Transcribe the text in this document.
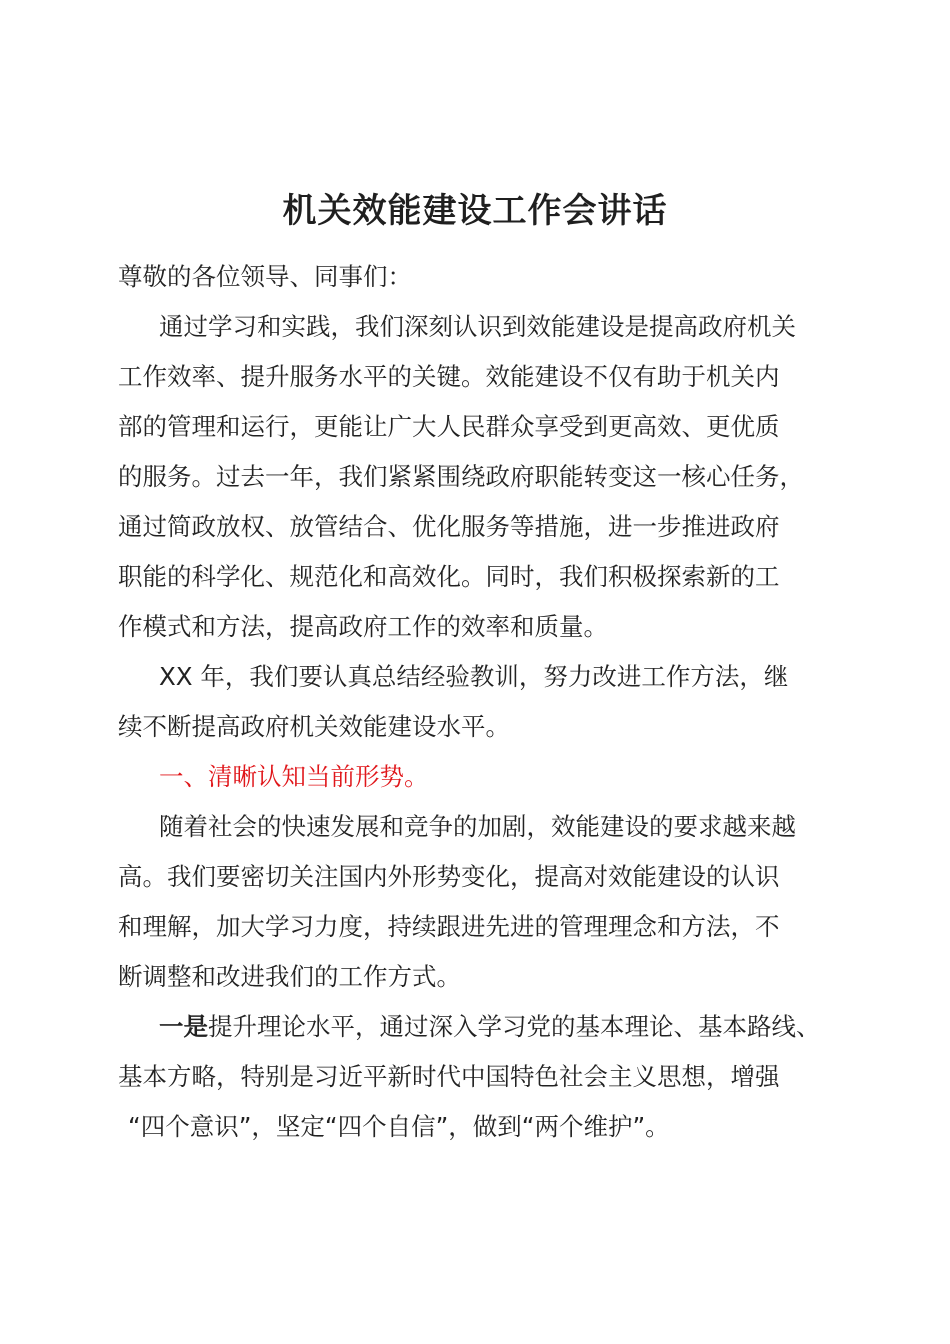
机关效能建设工作会讲话
尊敬的各位领导、同事们：
通过学习和实践，我们深刻认识到效能建设是提高政府机关
工作效率、提升服务水平的关键。效能建设不仅有助于机关内
部的管理和运行，更能让广大人民群众享受到更高效、更优质
的服务。过去一年，我们紧紧围绕政府职能转变这一核心任务，
通过简政放权、放管结合、优化服务等措施，进一步推进政府
职能的科学化、规范化和高效化。同时，我们积极探索新的工
作模式和方法，提高政府工作的效率和质量。
XX 年，我们要认真总结经验教训，努力改进工作方法，继
续不断提高政府机关效能建设水平。
一、清晰认知当前形势。
随着社会的快速发展和竞争的加剧，效能建设的要求越来越
高。我们要密切关注国内外形势变化，提高对效能建设的认识
和理解，加大学习力度，持续跟进先进的管理理念和方法，不
断调整和改进我们的工作方式。
一是提升理论水平，通过深入学习党的基本理论、基本路线、
基本方略，特别是习近平新时代中国特色社会主义思想，增强
“四个意识”，坚定“四个自信”，做到“两个维护”。
